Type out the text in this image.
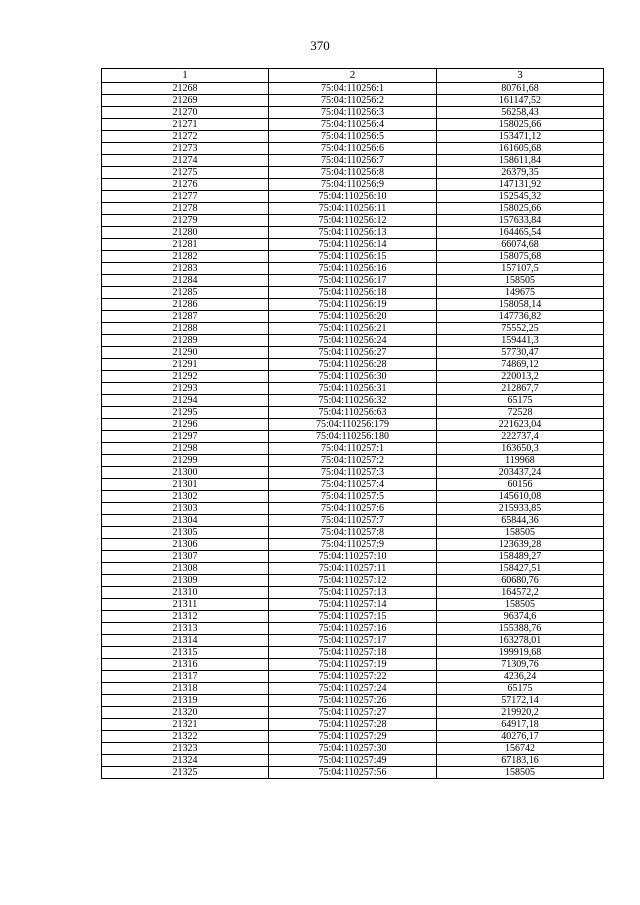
370
1	2	3
21268	75:04:110256:1	80761,68
21269	75:04:110256:2	161147,52
21270	75:04:110256:3	56258,43
21271	75:04:110256:4	158025,66
21272	75:04:110256:5	153471,12
21273	75:04:110256:6	161605,68
21274	75:04:110256:7	158611,84
21275	75:04:110256:8	26379,35
21276	75:04:110256:9	147131,92
21277	75:04:110256:10	152545,32
21278	75:04:110256:11	158025,66
21279	75:04:110256:12	157633,84
21280	75:04:110256:13	164465,54
21281	75:04:110256:14	66074,68
21282	75:04:110256:15	158075,68
21283	75:04:110256:16	157107,5
21284	75:04:110256:17	158505
21285	75:04:110256:18	149675
21286	75:04:110256:19	158058,14
21287	75:04:110256:20	147736,82
21288	75:04:110256:21	75552,25
21289	75:04:110256:24	159441,3
21290	75:04:110256:27	57730,47
21291	75:04:110256:28	74869,12
21292	75:04:110256:30	220013,2
21293	75:04:110256:31	212867,7
21294	75:04:110256:32	65175
21295	75:04:110256:63	72528
21296	75:04:110256:179	221623,04
21297	75:04:110256:180	222737,4
21298	75:04:110257:1	163650,3
21299	75:04:110257:2	119968
21300	75:04:110257:3	203437,24
21301	75:04:110257:4	60156
21302	75:04:110257:5	145610,08
21303	75:04:110257:6	215933,85
21304	75:04:110257:7	65844,36
21305	75:04:110257:8	158505
21306	75:04:110257:9	123639,28
21307	75:04:110257:10	158489,27
21308	75:04:110257:11	158427,51
21309	75:04:110257:12	60680,76
21310	75:04:110257:13	164572,2
21311	75:04:110257:14	158505
21312	75:04:110257:15	96374,6
21313	75:04:110257:16	155388,76
21314	75:04:110257:17	163278,01
21315	75:04:110257:18	199919,68
21316	75:04:110257:19	71309,76
21317	75:04:110257:22	4236,24
21318	75:04:110257:24	65175
21319	75:04:110257:26	57172,14
21320	75:04:110257:27	219920,2
21321	75:04:110257:28	64917,18
21322	75:04:110257:29	40276,17
21323	75:04:110257:30	156742
21324	75:04:110257:49	67183,16
21325	75:04:110257:56	158505
